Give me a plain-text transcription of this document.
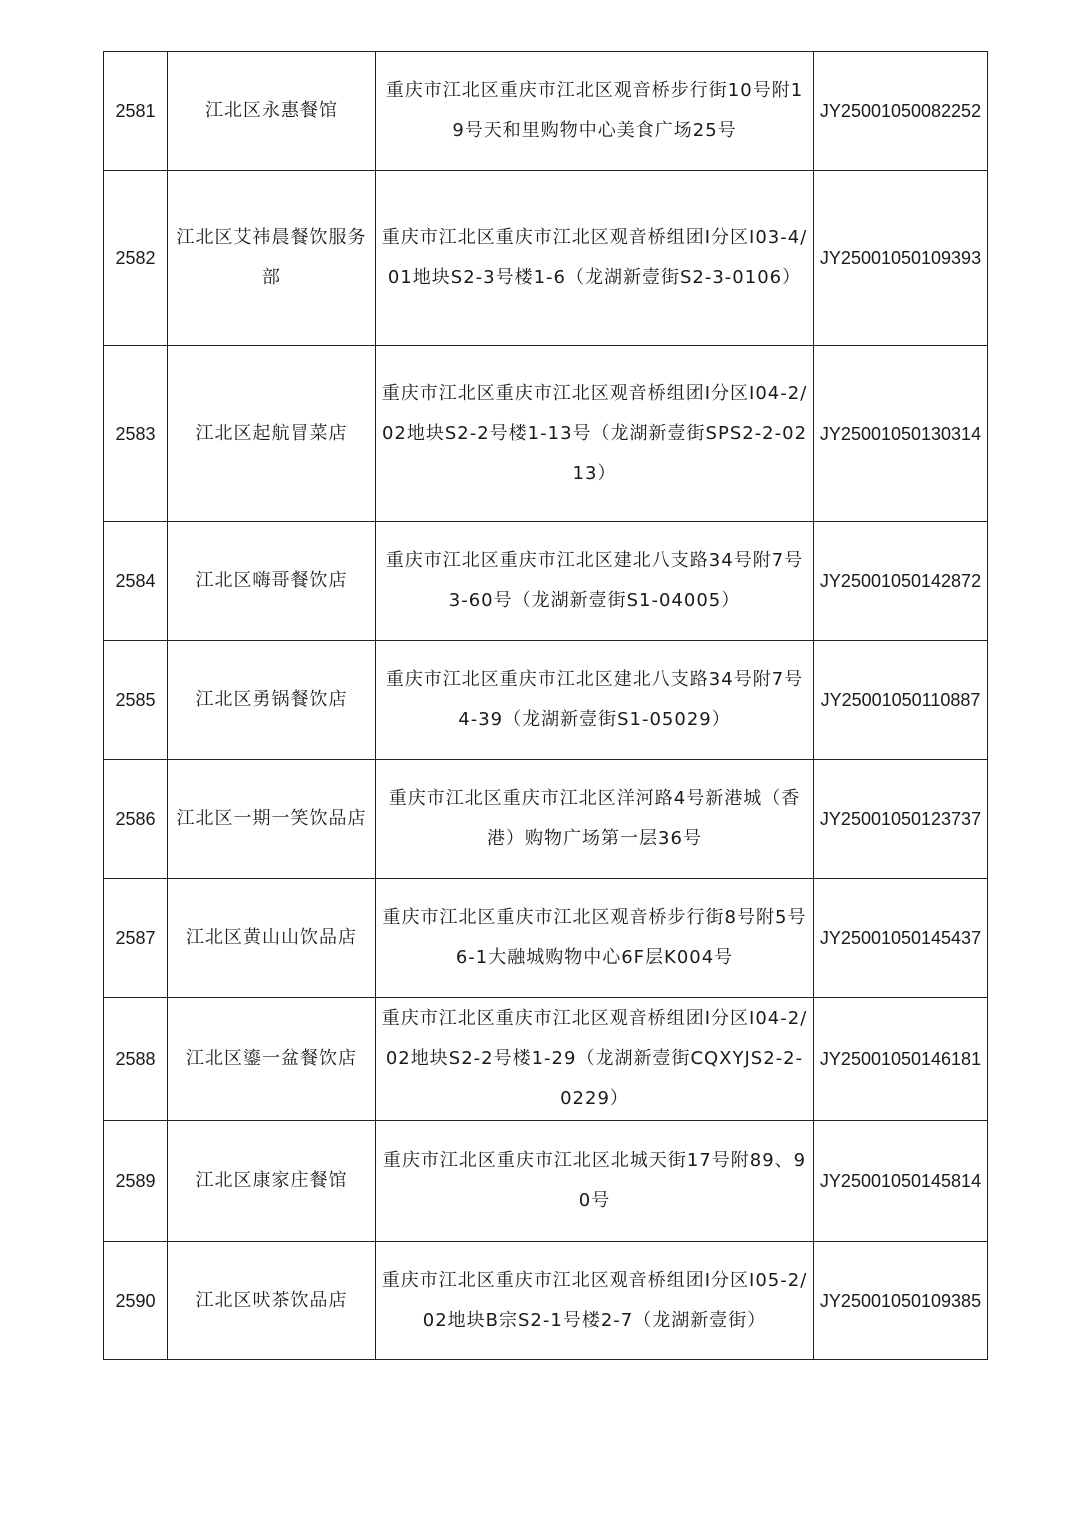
2581	江北区永惠餐馆	重庆市江北区重庆市江北区观音桥步行街10号附19号天和里购物中心美食广场25号	JY25001050082252
2582	江北区艾祎晨餐饮服务部	重庆市江北区重庆市江北区观音桥组团Ⅰ分区Ⅰ03-4/01地块S2-3号楼1-6（龙湖新壹街S2-3-0106）	JY25001050109393
2583	江北区起航冒菜店	重庆市江北区重庆市江北区观音桥组团Ⅰ分区Ⅰ04-2/02地块S2-2号楼1-13号（龙湖新壹街SPS2-2-0213）	JY25001050130314
2584	江北区嗨哥餐饮店	重庆市江北区重庆市江北区建北八支路34号附7号3-60号（龙湖新壹街S1-04005）	JY25001050142872
2585	江北区勇锅餐饮店	重庆市江北区重庆市江北区建北八支路34号附7号4-39（龙湖新壹街S1-05029）	JY25001050110887
2586	江北区一期一笑饮品店	重庆市江北区重庆市江北区洋河路4号新港城（香港）购物广场第一层36号	JY25001050123737
2587	江北区黄山山饮品店	重庆市江北区重庆市江北区观音桥步行街8号附5号6-1大融城购物中心6F层K004号	JY25001050145437
2588	江北区鎏一盆餐饮店	重庆市江北区重庆市江北区观音桥组团Ⅰ分区Ⅰ04-2/02地块S2-2号楼1-29（龙湖新壹街CQXYJS2-2-0229）	JY25001050146181
2589	江北区康家庄餐馆	重庆市江北区重庆市江北区北城天街17号附89、90号	JY25001050145814
2590	江北区吠茶饮品店	重庆市江北区重庆市江北区观音桥组团Ⅰ分区Ⅰ05-2/02地块B宗S2-1号楼2-7（龙湖新壹街）	JY25001050109385
